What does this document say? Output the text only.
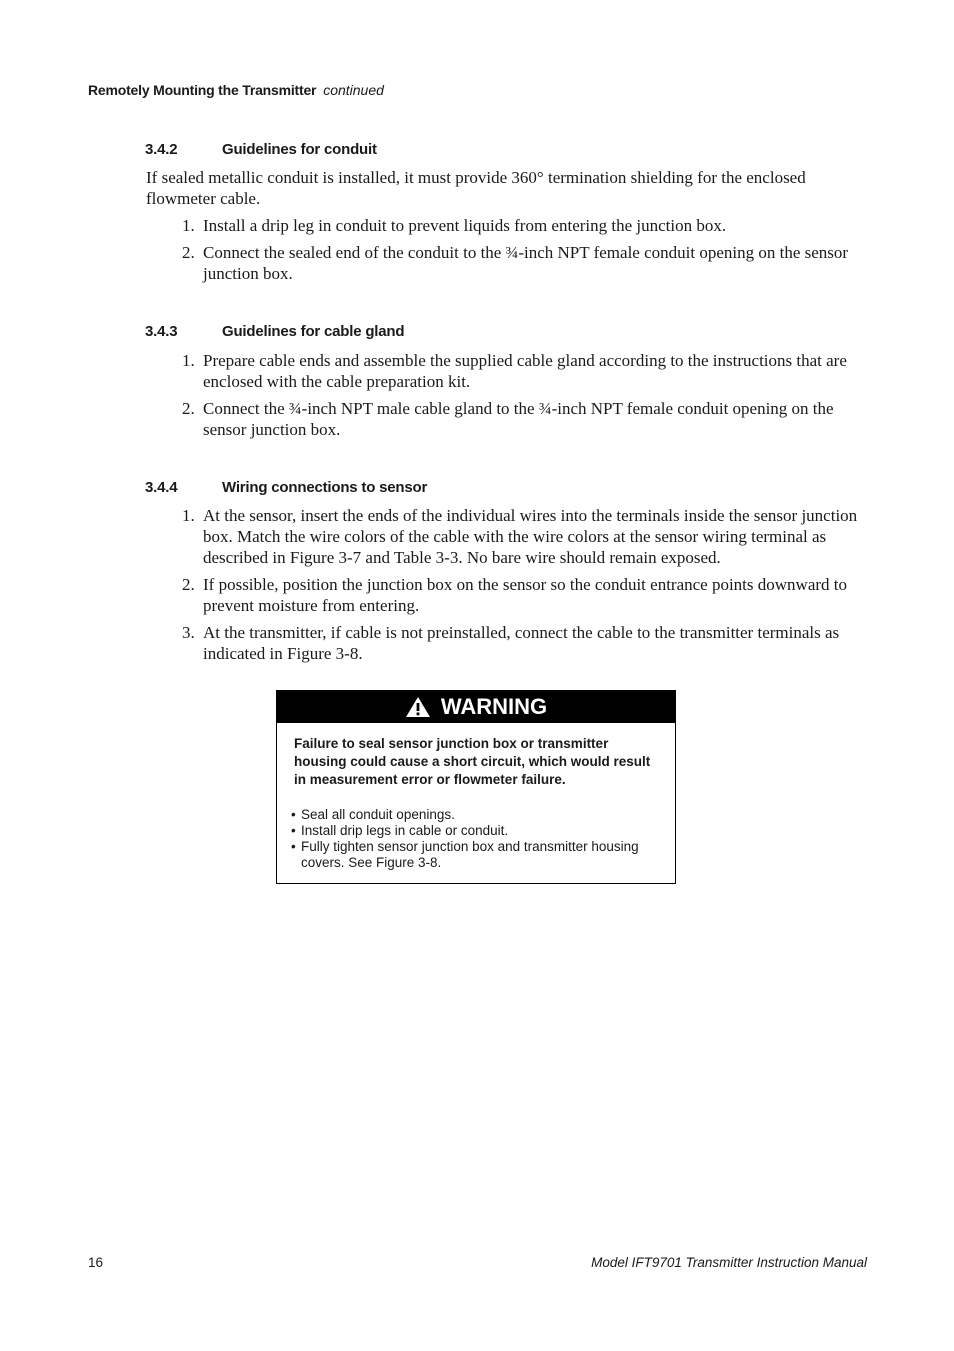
Remotely Mounting the Transmitter continued
3.4.2	Guidelines for conduit
If sealed metallic conduit is installed, it must provide 360° termination shielding for the enclosed flowmeter cable.
1. Install a drip leg in conduit to prevent liquids from entering the junction box.
2. Connect the sealed end of the conduit to the ¾-inch NPT female conduit opening on the sensor junction box.
3.4.3	Guidelines for cable gland
1. Prepare cable ends and assemble the supplied cable gland according to the instructions that are enclosed with the cable preparation kit.
2. Connect the ¾-inch NPT male cable gland to the ¾-inch NPT female conduit opening on the sensor junction box.
3.4.4	Wiring connections to sensor
1. At the sensor, insert the ends of the individual wires into the terminals inside the sensor junction box. Match the wire colors of the cable with the wire colors at the sensor wiring terminal as described in Figure 3-7 and Table 3-3. No bare wire should remain exposed.
2. If possible, position the junction box on the sensor so the conduit entrance points downward to prevent moisture from entering.
3. At the transmitter, if cable is not preinstalled, connect the cable to the transmitter terminals as indicated in Figure 3-8.
WARNING
Failure to seal sensor junction box or transmitter housing could cause a short circuit, which would result in measurement error or flowmeter failure.
• Seal all conduit openings.
• Install drip legs in cable or conduit.
• Fully tighten sensor junction box and transmitter housing covers. See Figure 3-8.
16	Model IFT9701 Transmitter Instruction Manual
